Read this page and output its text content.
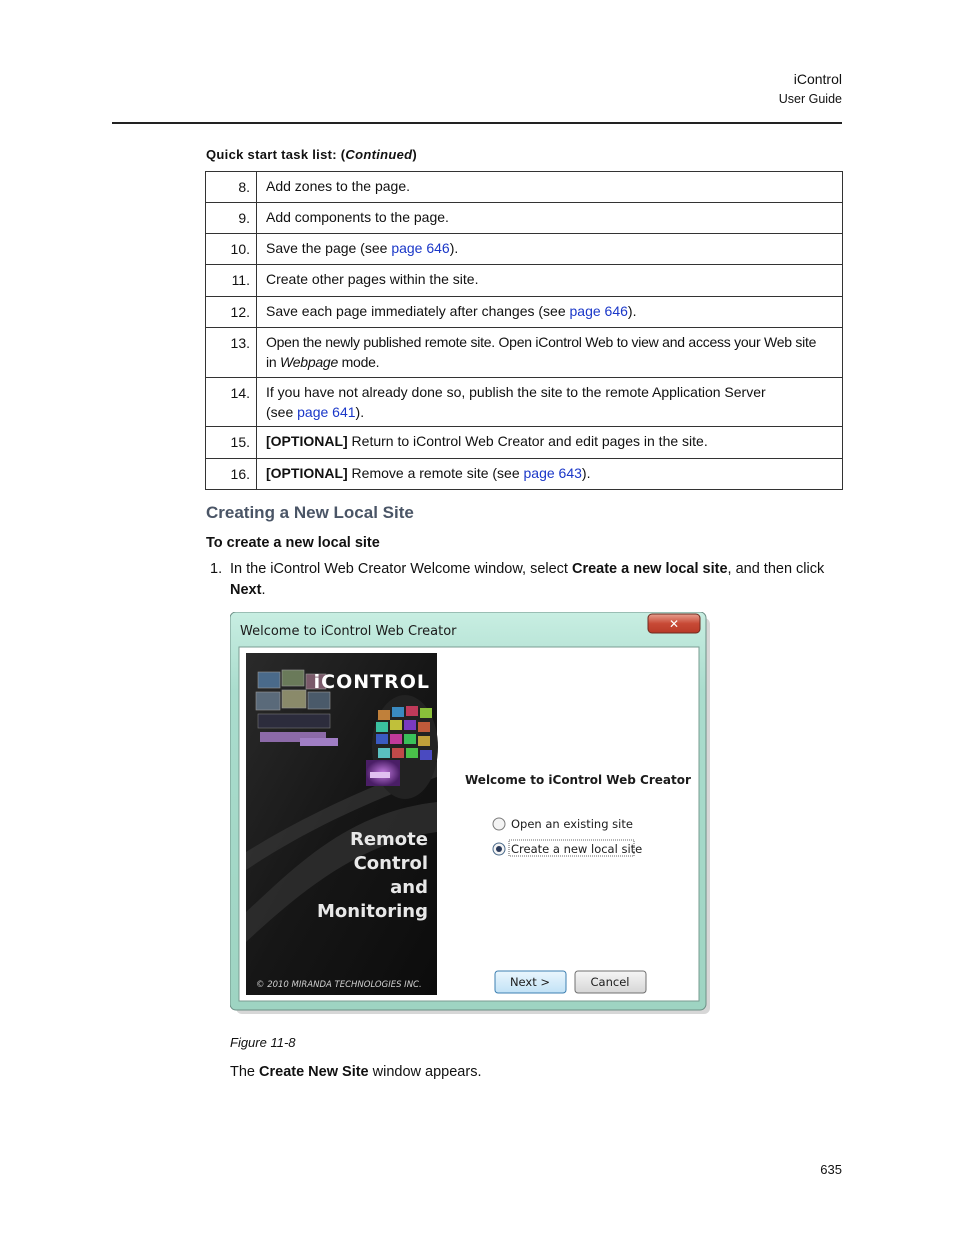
iControl
User Guide
Quick start task list: (Continued)
8.	Add zones to the page.
9.	Add components to the page.
10.	Save the page (see page 646).
11.	Create other pages within the site.
12.	Save each page immediately after changes (see page 646).
13.	Open the newly published remote site. Open iControl Web to view and access your Web site
in Webpage mode.
14.	If you have not already done so, publish the site to the remote Application Server
(see page 641).
15.	[OPTIONAL] Return to iControl Web Creator and edit pages in the site.
16.	[OPTIONAL] Remove a remote site (see page 643).
Creating a New Local Site
To create a new local site
1. In the iControl Web Creator Welcome window, select Create a new local site, and then click
Next.
Welcome to iControl Web Creator	✕
iCONTROL
Remote
Control
and
Monitoring
© 2010 MIRANDA TECHNOLOGIES INC.
Welcome to iControl Web Creator
Open an existing site
Create a new local site
Next >	Cancel
Figure 11-8
The Create New Site window appears.
635
